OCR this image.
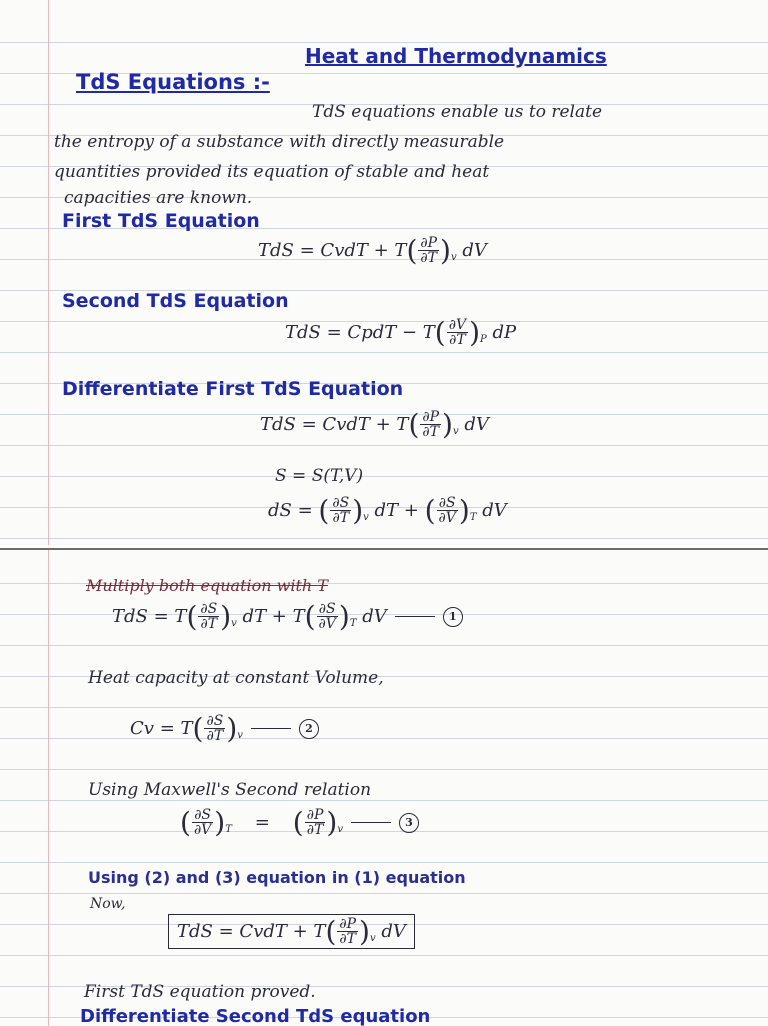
Heat and Thermodynamics
TdS Equations :-
TdS equations enable us to relate
the entropy of a substance with directly measurable
quantities provided its equation of stable and heat
capacities are known.
First TdS Equation
TdS
=
CvdT + T ( $\frac{\partial P}{\partial T}$ ) v
dV
Second TdS Equation
TdS
=
CpdT − T ( $\frac{\partial V}{\partial T}$ ) P
dP
Differentiate First TdS Equation
TdS
=
CvdT + T ( $\frac{\partial P}{\partial T}$ ) v
dV
S = S(T,V)
dS
=
( $\frac{\partial S}{\partial T}$ ) v
dT +
( $\frac{\partial S}{\partial V}$ ) T
dV
Multiply both equation with T
TdS
=
T ( $\frac{\partial S}{\partial T}$ ) v
dT + T ( $\frac{\partial S}{\partial V}$ ) T
dV	1
Heat capacity at constant Volume,
Cv
=
T ( $\frac{\partial S}{\partial T}$ ) v
2
Using Maxwell's Second relation
( $\frac{\partial S}{\partial V}$ ) T
=
( $\frac{\partial P}{\partial T}$ ) v
3
Using (2) and (3) equation in (1) equation
Now,
TdS
=
CvdT + T ( $\frac{\partial P}{\partial T}$ ) v
dV
First TdS equation proved.
Differentiate Second TdS equation
